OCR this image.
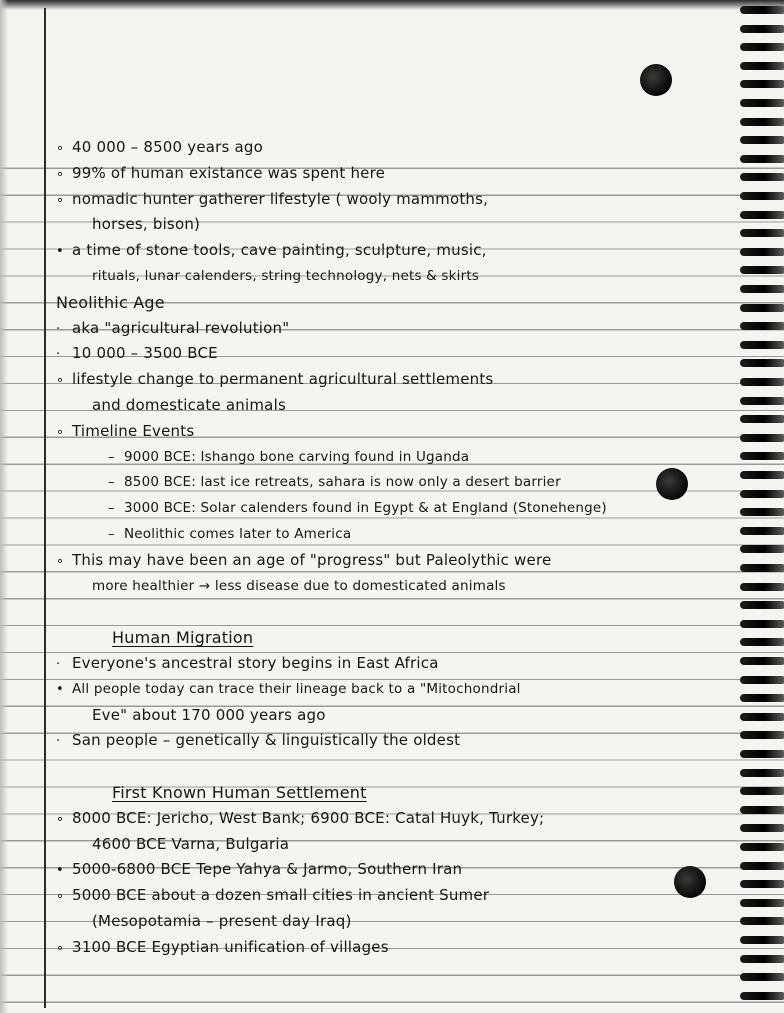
∘ 40 000 – 8500 years ago
∘ 99% of human existance was spent here
∘ nomadic hunter gatherer lifestyle ( wooly mammoths,
horses, bison)
• a time of stone tools, cave painting, sculpture, music,
rituals, lunar calenders, string technology, nets & skirts
Neolithic Age
· aka "agricultural revolution"
· 10 000 – 3500 BCE
∘ lifestyle change to permanent agricultural settlements
and domesticate animals
∘ Timeline Events
– 9000 BCE: Ishango bone carving found in Uganda
– 8500 BCE: last ice retreats, sahara is now only a desert barrier
– 3000 BCE: Solar calenders found in Egypt & at England (Stonehenge)
– Neolithic comes later to America
∘ This may have been an age of "progress" but Paleolythic were
more healthier → less disease due to domesticated animals
Human Migration
· Everyone's ancestral story begins in East Africa
• All people today can trace their lineage back to a "Mitochondrial
Eve" about 170 000 years ago
· San people – genetically & linguistically the oldest
First Known Human Settlement
∘ 8000 BCE: Jericho, West Bank; 6900 BCE: Catal Huyk, Turkey;
4600 BCE Varna, Bulgaria
• 5000-6800 BCE Tepe Yahya & Jarmo, Southern Iran
∘ 5000 BCE about a dozen small cities in ancient Sumer
(Mesopotamia – present day Iraq)
∘ 3100 BCE Egyptian unification of villages
